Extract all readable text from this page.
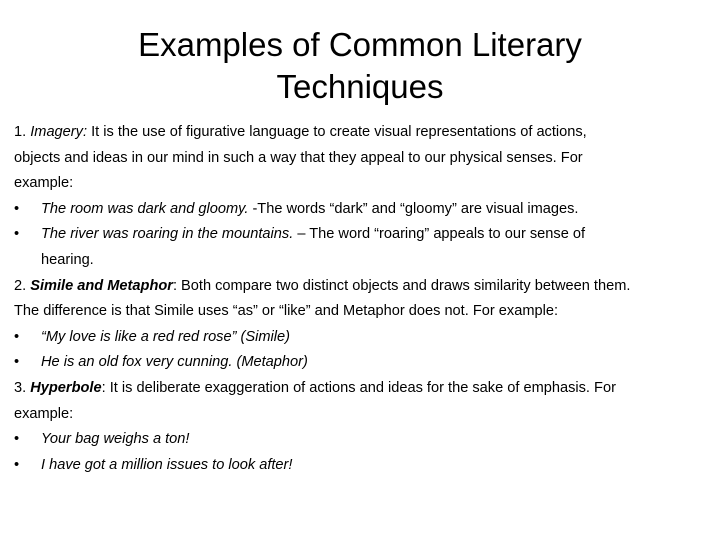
Examples of Common Literary
Techniques

1. Imagery: It is the use of figurative language to create visual representations of actions,

objects and ideas in our mind in such a way that they appeal to our physical senses. For

example:

• The room was dark and gloomy. -The words “dark” and “gloomy” are visual images.

• The river was roaring in the mountains. – The word “roaring” appeals to our sense of

hearing.

2. Simile and Metaphor: Both compare two distinct objects and draws similarity between them.

The difference is that Simile uses “as” or “like” and Metaphor does not. For example:

• “My love is like a red red rose” (Simile)

• He is an old fox very cunning. (Metaphor)

3. Hyperbole: It is deliberate exaggeration of actions and ideas for the sake of emphasis. For

example:

• Your bag weighs a ton!

• I have got a million issues to look after!
